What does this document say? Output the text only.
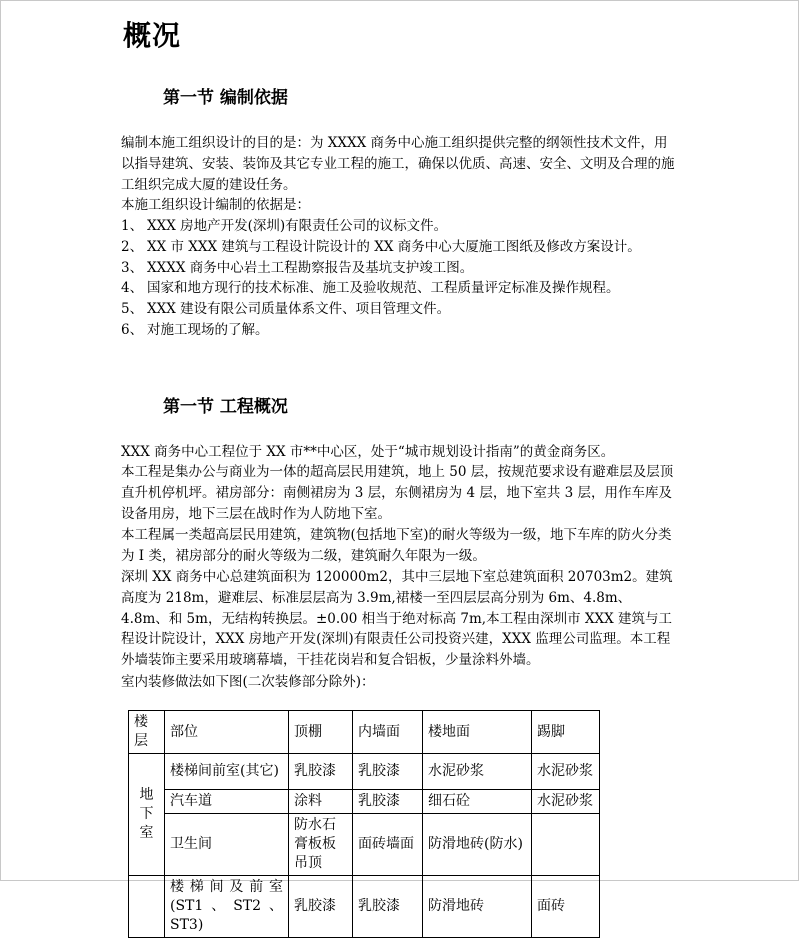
概况
第一节 编制依据

编制本施工组织设计的目的是：为 XXXX 商务中心施工组织提供完整的纲领性技术文件，用以指导建筑、安装、装饰及其它专业工程的施工，确保以优质、高速、安全、文明及合理的施工组织完成大厦的建设任务。

本施工组织设计编制的依据是：

1、 XXX 房地产开发(深圳)有限责任公司的议标文件。
2、 XX 市 XXX 建筑与工程设计院设计的 XX 商务中心大厦施工图纸及修改方案设计。
3、 XXXX 商务中心岩土工程勘察报告及基坑支护竣工图。
4、 国家和地方现行的技术标准、施工及验收规范、工程质量评定标准及操作规程。
5、 XXX 建设有限公司质量体系文件、项目管理文件。
6、 对施工现场的了解。
第一节 工程概况

XXX 商务中心工程位于 XX 市**中心区，处于“城市规划设计指南”的黄金商务区。

本工程是集办公与商业为一体的超高层民用建筑，地上 50 层，按规范要求设有避难层及层顶直升机停机坪。裙房部分：南侧裙房为 3 层，东侧裙房为 4 层，地下室共 3 层，用作车库及设备用房，地下三层在战时作为人防地下室。

本工程属一类超高层民用建筑，建筑物(包括地下室)的耐火等级为一级，地下车库的防火分类为 I 类，裙房部分的耐火等级为二级，建筑耐久年限为一级。

深圳 XX 商务中心总建筑面积为 120000m2，其中三层地下室总建筑面积 20703m2。建筑高度为 218m，避难层、标准层层高为 3.9m,裙楼一至四层层高分别为 6m、4.8m、4.8m、和 5m，无结构转换层。±0.00 相当于绝对标高 7m,本工程由深圳市 XXX 建筑与工程设计院设计，XXX 房地产开发(深圳)有限责任公司投资兴建，XXX 监理公司监理。本工程外墙装饰主要采用玻璃幕墙，干挂花岗岩和复合铝板，少量涂料外墙。

室内装修做法如下图(二次装修部分除外)：

楼层	部位	顶棚	内墙面	楼地面	踢脚
地
下
室	楼梯间前室(其它)	乳胶漆	乳胶漆	水泥砂浆	水泥砂浆
	汽车道	涂料	乳胶漆	细石砼	水泥砂浆
	卫生间	防水石膏板板吊顶	面砖墙面	防滑地砖(防水)	
	楼梯间及前室(ST1、ST2、ST3)	乳胶漆	乳胶漆	防滑地砖	面砖
